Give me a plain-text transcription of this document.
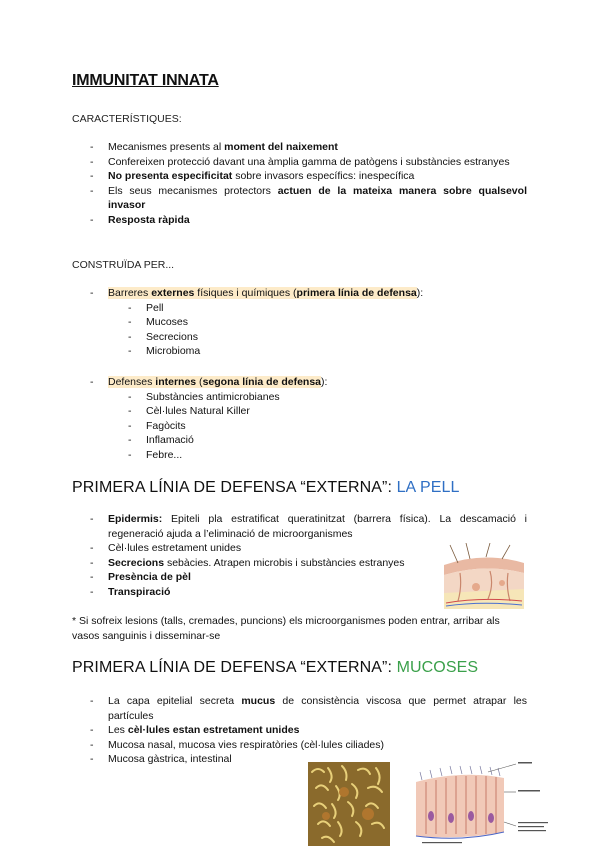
IMMUNITAT INNATA
CARACTERÍSTIQUES:
- Mecanismes presents al moment del naixement
- Confereixen protecció davant una àmplia gamma de patògens i substàncies estranyes
- No presenta especificitat sobre invasors específics: inespecífica
- Els seus mecanismes protectors actuen de la mateixa manera sobre qualsevol invasor
- Resposta ràpida
CONSTRUÏDA PER...
- Barreres externes físiques i químiques (primera línia de defensa):
- Pell
- Mucoses
- Secrecions
- Microbioma
- Defenses internes (segona línia de defensa):
- Substàncies antimicrobianes
- Cèl·lules Natural Killer
- Fagòcits
- Inflamació
- Febre...
PRIMERA LÍNIA DE DEFENSA “EXTERNA”: LA PELL
- Epidermis: Epiteli pla estratificat queratinitzat (barrera física). La descamació i regeneració ajuda a l’eliminació de microorganismes
- Cèl·lules estretament unides
- Secrecions sebàcies. Atrapen microbis i substàncies estranyes
- Presència de pèl
- Transpiració
* Si sofreix lesions (talls, cremades, puncions) els microorganismes poden entrar, arribar als vasos sanguinis i disseminar-se
PRIMERA LÍNIA DE DEFENSA “EXTERNA”: MUCOSES
- La capa epitelial secreta mucus de consistència viscosa que permet atrapar les partícules
- Les cèl·lules estan estretament unides
- Mucosa nasal, mucosa vies respiratòries (cèl·lules ciliades)
- Mucosa gàstrica, intestinal
